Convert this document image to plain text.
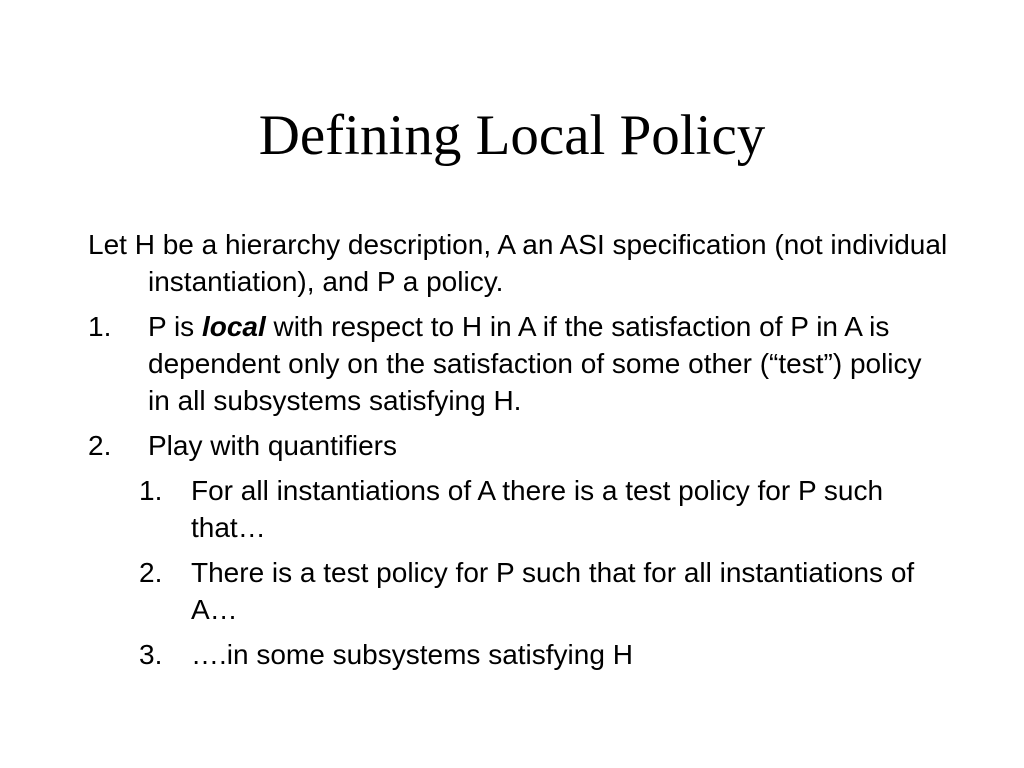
Defining Local Policy

Let H be a hierarchy description, A an ASI specification (not individual instantiation), and P a policy.

1. P is local with respect to H in A if the satisfaction of P in A is dependent only on the satisfaction of some other (“test”) policy in all subsystems satisfying H.

2. Play with quantifiers

1. For all instantiations of A there is a test policy for P such that…

2. There is a test policy for P such that for all instantiations of A…

3. ….in some subsystems satisfying H
